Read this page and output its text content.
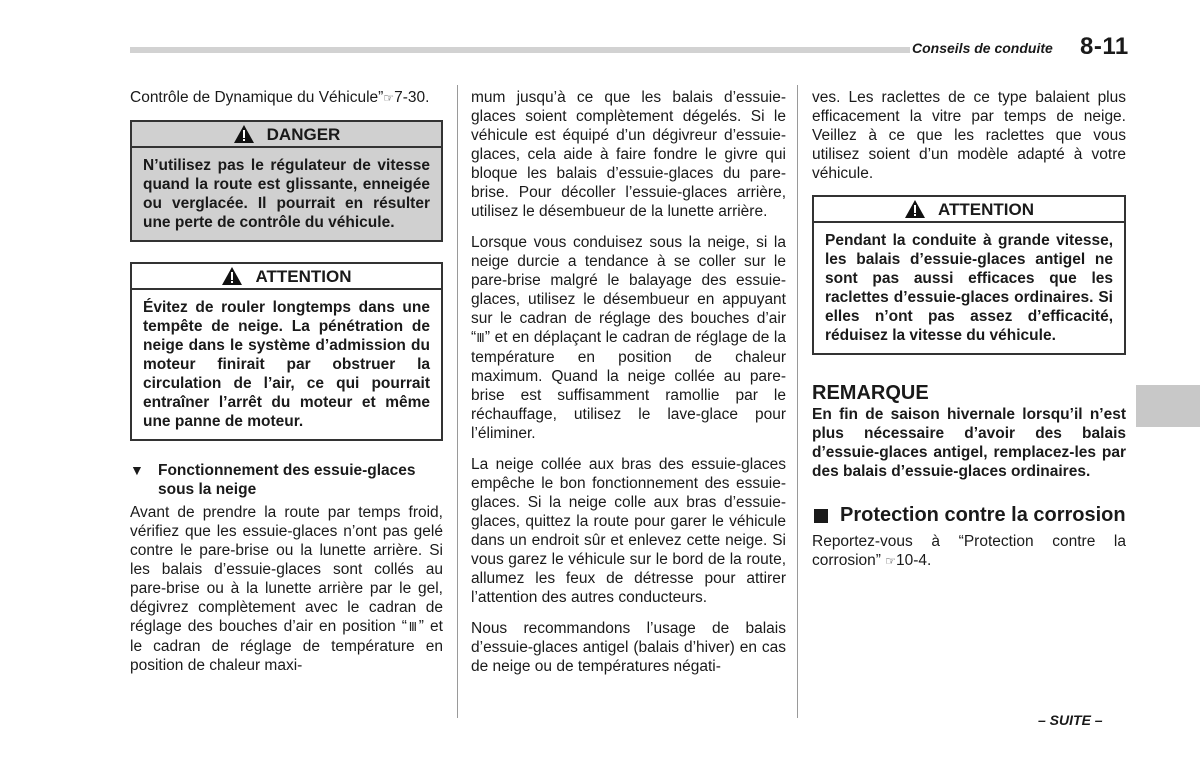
Conseils de conduite 8-11

Contrôle de Dynamique du Véhicule”☞7-30.

DANGER
N’utilisez pas le régulateur de vitesse quand la route est glissante, enneigée ou verglacée. Il pourrait en résulter une perte de contrôle du véhicule.
ATTENTION
Évitez de rouler longtemps dans une tempête de neige. La pénétration de neige dans le système d’admission du moteur finirait par obstruer la circulation de l’air, ce qui pourrait entraîner l’arrêt du moteur et même une panne de moteur.
▼ Fonctionnement des essuie-glaces sous la neige

Avant de prendre la route par temps froid, vérifiez que les essuie-glaces n’ont pas gelé contre le pare-brise ou la lunette arrière. Si les balais d’essuie-glaces sont collés au pare-brise ou à la lunette arrière par le gel, dégivrez complètement avec le cadran de réglage des bouches d’air en position “Ⅲ” et le cadran de réglage de température en position de chaleur maxi-

mum jusqu’à ce que les balais d’essuie-glaces soient complètement dégelés. Si le véhicule est équipé d’un dégivreur d’essuie-glaces, cela aide à faire fondre le givre qui bloque les balais d’essuie-glaces du pare-brise. Pour décoller l’essuie-glaces arrière, utilisez le désembueur de la lunette arrière.

Lorsque vous conduisez sous la neige, si la neige durcie a tendance à se coller sur le pare-brise malgré le balayage des essuie-glaces, utilisez le désembueur en appuyant sur le cadran de réglage des bouches d’air “Ⅲ” et en déplaçant le cadran de réglage de la température en position de chaleur maximum. Quand la neige collée au pare-brise est suffisamment ramollie par le réchauffage, utilisez le lave-glace pour l’éliminer.

La neige collée aux bras des essuie-glaces empêche le bon fonctionnement des essuie-glaces. Si la neige colle aux bras d’essuie-glaces, quittez la route pour garer le véhicule dans un endroit sûr et enlevez cette neige. Si vous garez le véhicule sur le bord de la route, allumez les feux de détresse pour attirer l’attention des autres conducteurs.

Nous recommandons l’usage de balais d’essuie-glaces antigel (balais d’hiver) en cas de neige ou de températures négati-

ves. Les raclettes de ce type balaient plus efficacement la vitre par temps de neige. Veillez à ce que les raclettes que vous utilisez soient d’un modèle adapté à votre véhicule.

ATTENTION
Pendant la conduite à grande vitesse, les balais d’essuie-glaces antigel ne sont pas aussi efficaces que les raclettes d’essuie-glaces ordinaires. Si elles n’ont pas assez d’efficacité, réduisez la vitesse du véhicule.
REMARQUE

En fin de saison hivernale lorsqu’il n’est plus nécessaire d’avoir des balais d’essuie-glaces antigel, remplacez-les par des balais d’essuie-glaces ordinaires.

Protection contre la corrosion

Reportez-vous à “Protection contre la corrosion” ☞10-4.

– SUITE –
